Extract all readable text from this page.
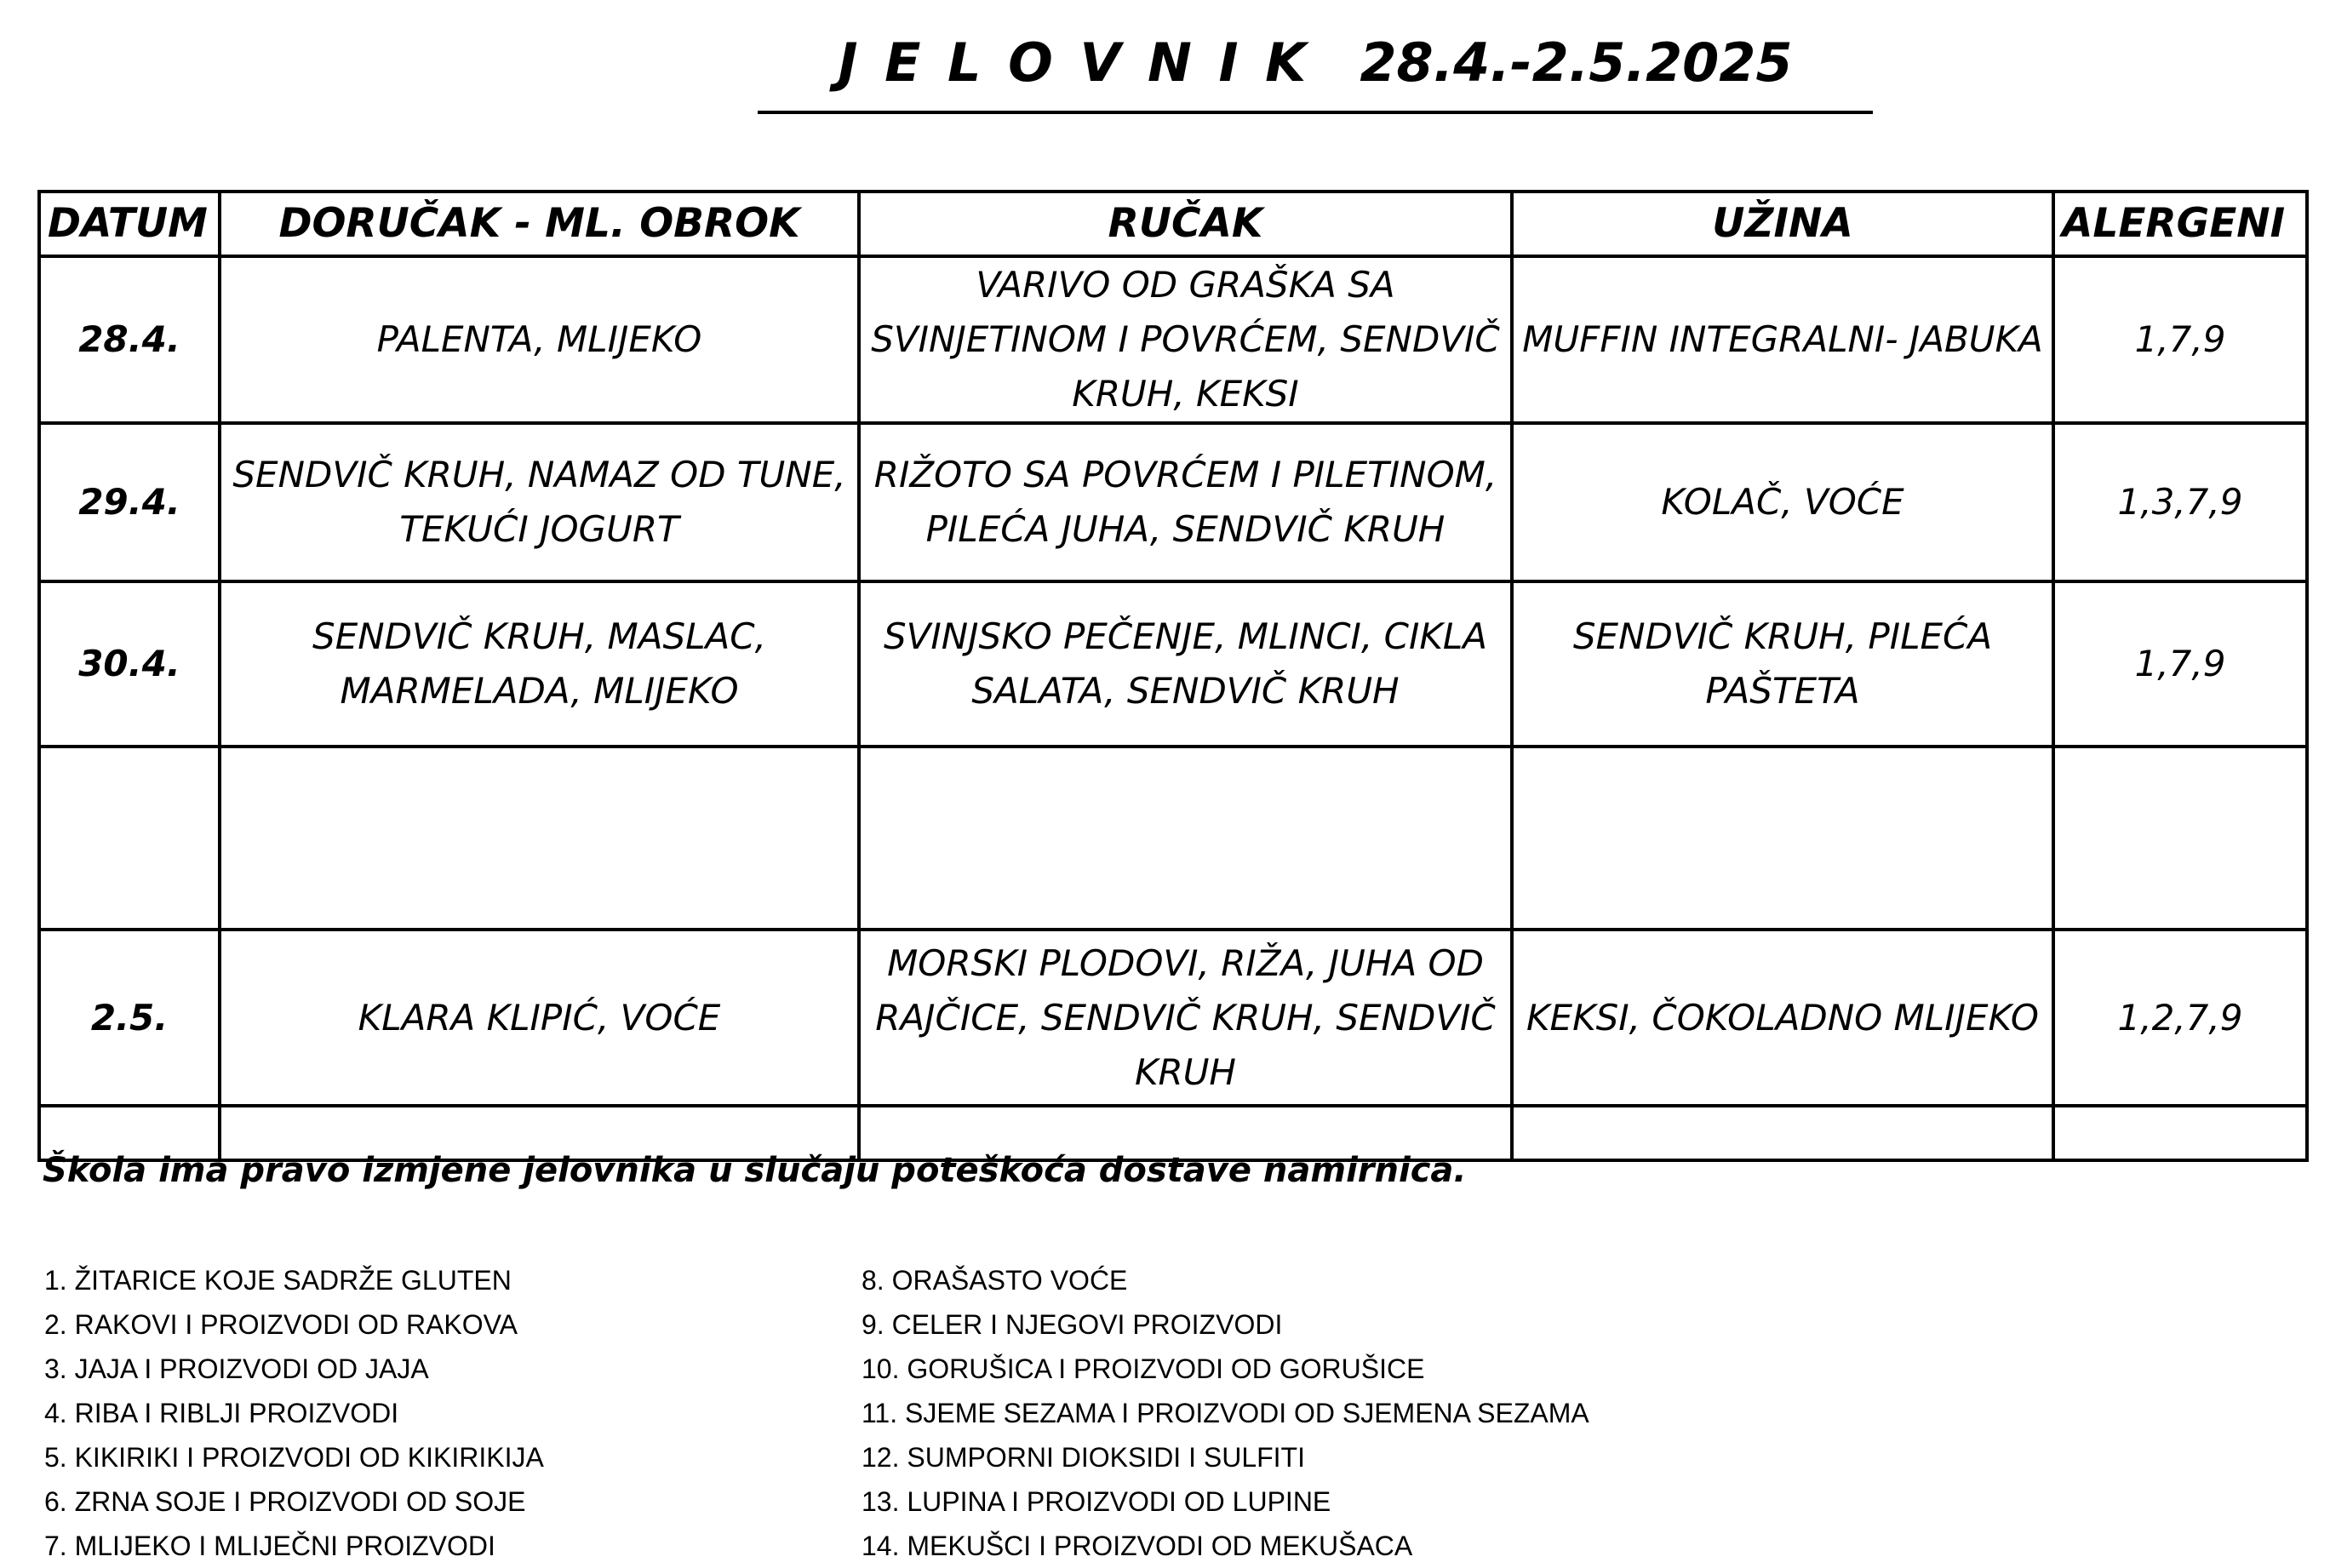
J E L O V N I K  28.4.-2.5.2025
DATUM	DORUČAK - ML. OBROK	RUČAK	UŽINA	ALERGENI

28.4.	PALENTA, MLIJEKO	VARIVO OD GRAŠKA SA
SVINJETINOM I POVRĆEM, SENDVIČ
KRUH, KEKSI	MUFFIN INTEGRALNI- JABUKA	1,7,9

29.4.	SENDVIČ KRUH, NAMAZ OD TUNE,
TEKUĆI JOGURT	RIŽOTO SA POVRĆEM I PILETINOM,
PILEĆA JUHA, SENDVIČ KRUH	KOLAČ, VOĆE	1,3,7,9

30.4.	SENDVIČ KRUH, MASLAC,
MARMELADA, MLIJEKO	SVINJSKO PEČENJE, MLINCI, CIKLA
SALATA, SENDVIČ KRUH	SENDVIČ KRUH, PILEĆA
PAŠTETA	1,7,9

2.5.	KLARA KLIPIĆ, VOĆE	MORSKI PLODOVI, RIŽA, JUHA OD
RAJČICE, SENDVIČ KRUH, SENDVIČ
KRUH	KEKSI, ČOKOLADNO MLIJEKO	1,2,7,9

Škola ima pravo izmjene jelovnika u slučaju poteškoća dostave namirnica.

1. ŽITARICE KOJE SADRŽE GLUTEN
2. RAKOVI I PROIZVODI OD RAKOVA
3. JAJA I PROIZVODI OD JAJA
4. RIBA I RIBLJI PROIZVODI
5. KIKIRIKI I PROIZVODI OD KIKIRIKIJA
6. ZRNA SOJE I PROIZVODI OD SOJE
7. MLIJEKO I MLIJEČNI PROIZVODI
8. ORAŠASTO VOĆE
9. CELER I NJEGOVI PROIZVODI
10. GORUŠICA I PROIZVODI OD GORUŠICE
11. SJEME SEZAMA I PROIZVODI OD SJEMENA SEZAMA
12. SUMPORNI DIOKSIDI I SULFITI
13. LUPINA I PROIZVODI OD LUPINE
14. MEKUŠCI I PROIZVODI OD MEKUŠACA
